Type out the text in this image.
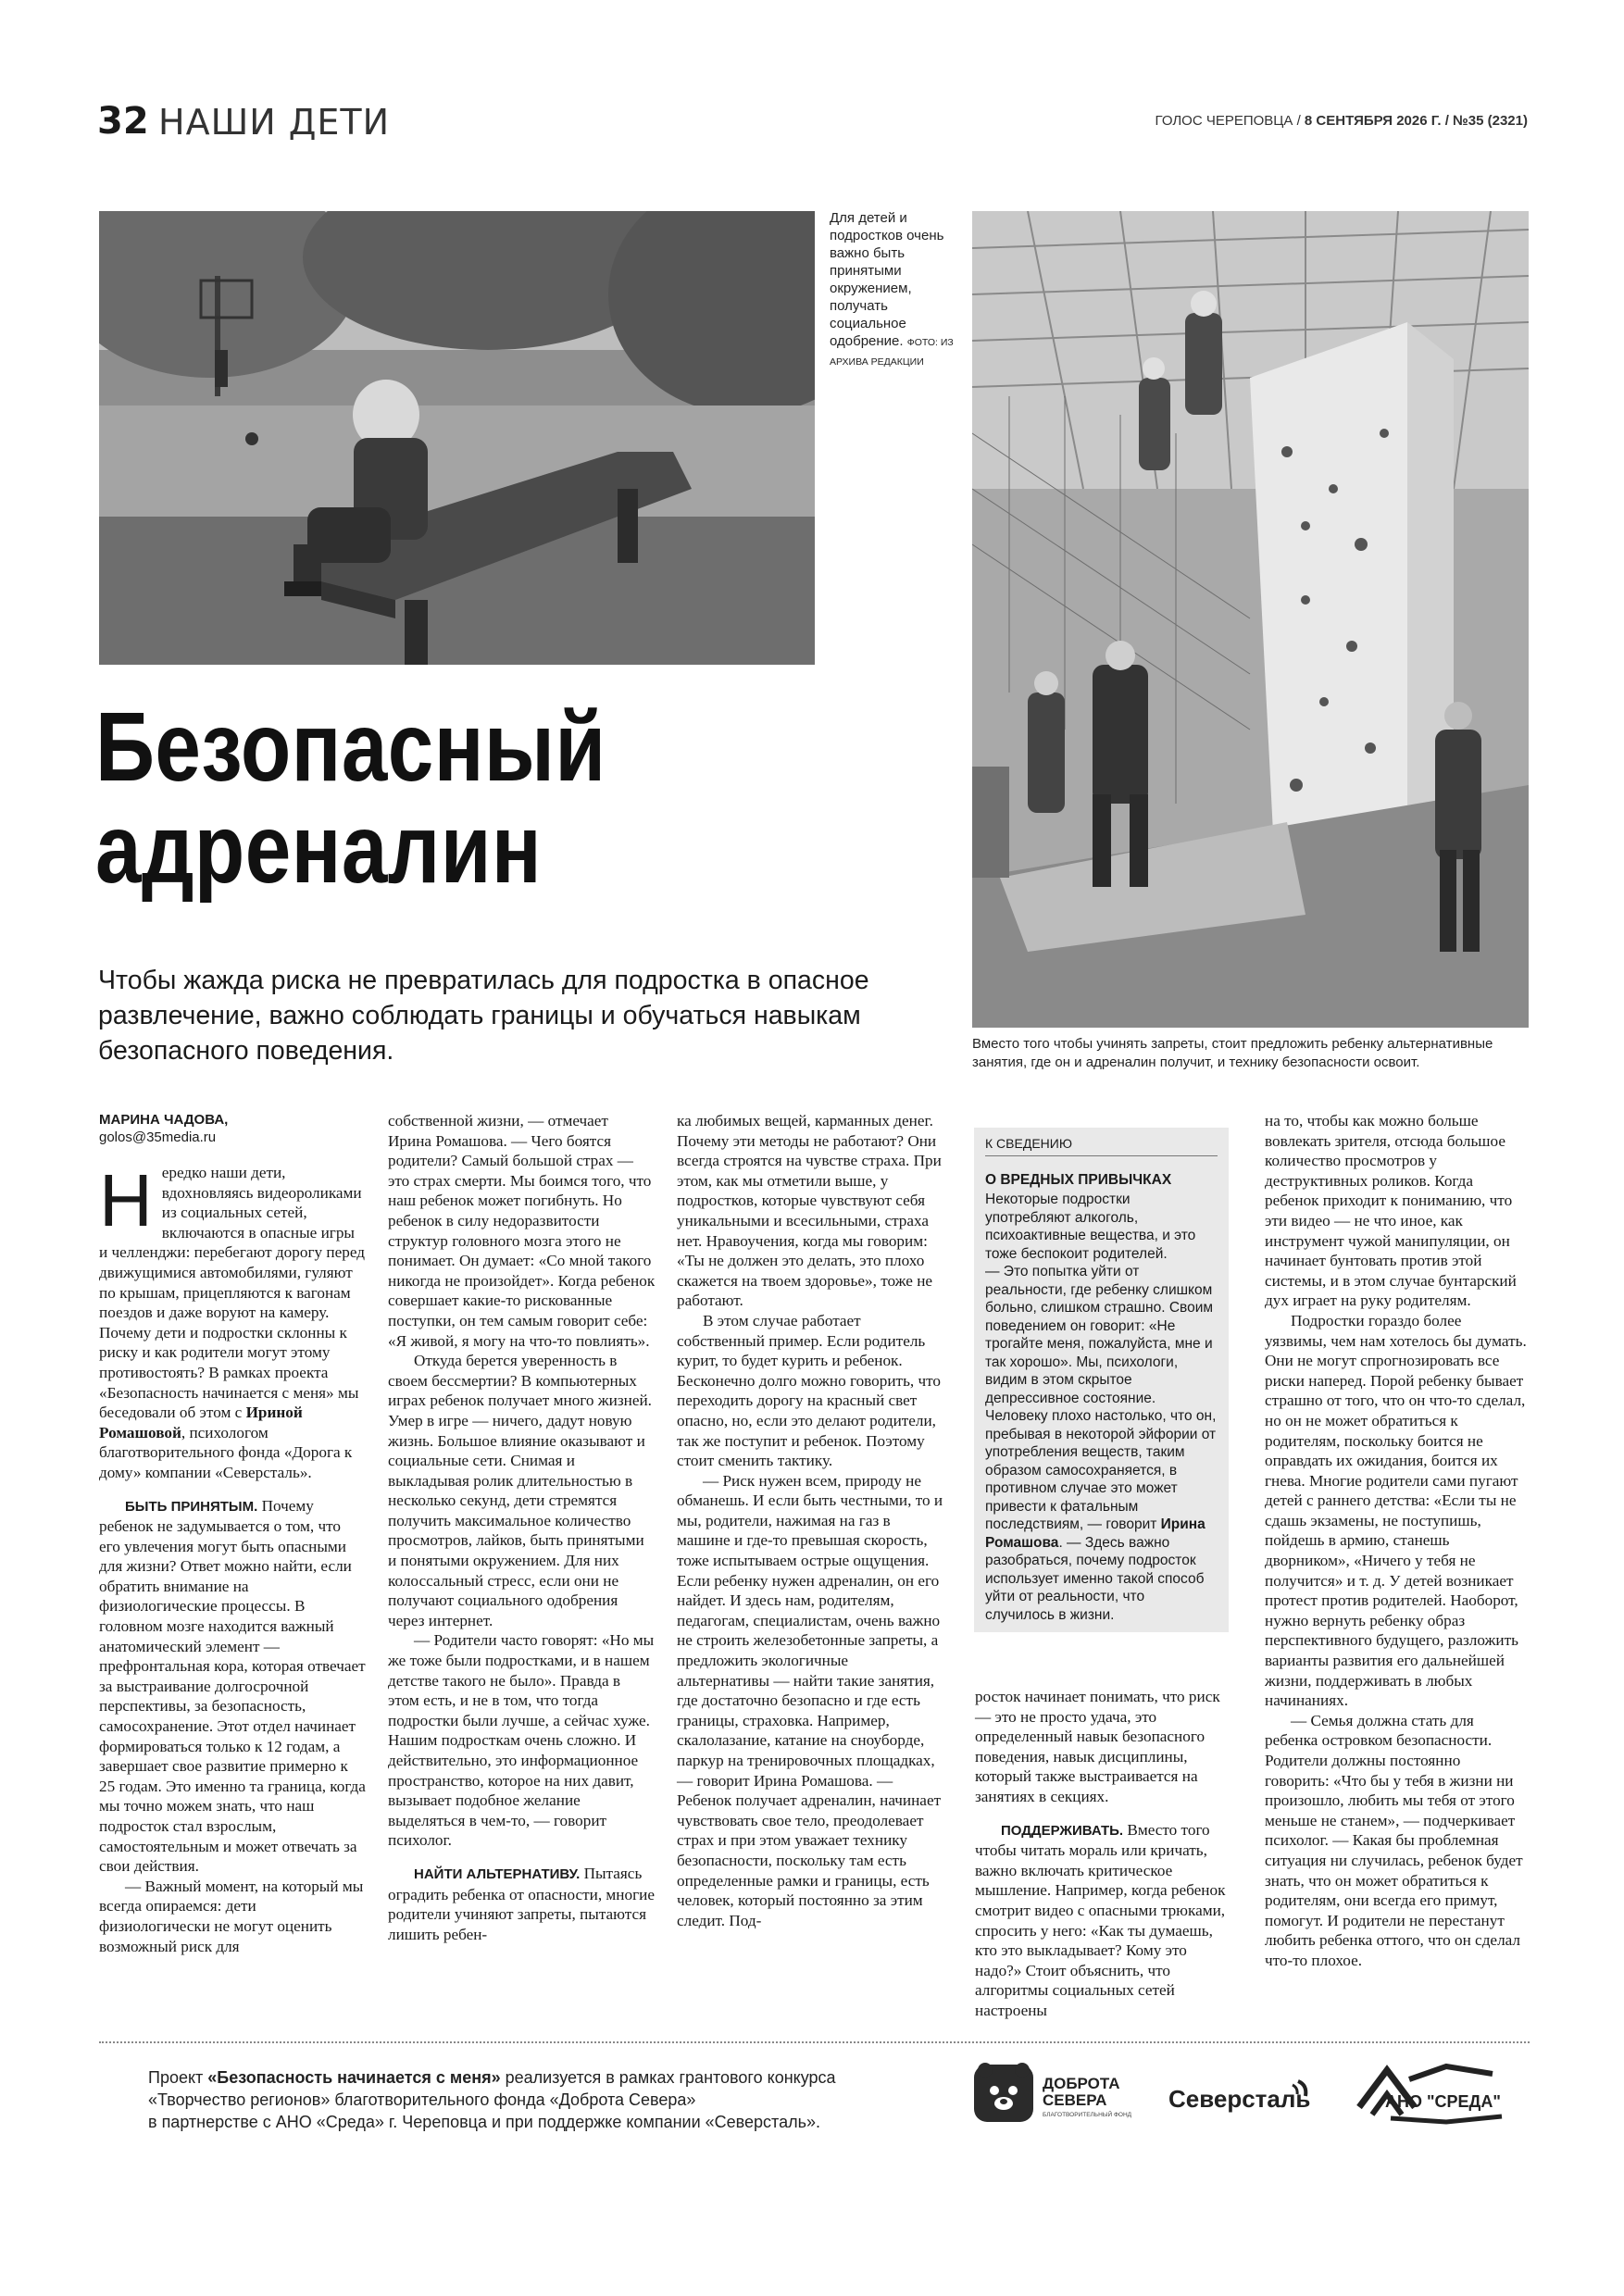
32 НАШИ ДЕТИ	ГОЛОС ЧЕРЕПОВЦА / 8 СЕНТЯБРЯ 2026 Г. / №35 (2321)
Для детей и подростков очень важно быть принятыми окружением, получать социальное одобрение. ФОТО: ИЗ АРХИВА РЕДАКЦИИ
Вместо того чтобы учинять запреты, стоит предложить ребенку альтернативные занятия, где он и адреналин получит, и технику безопасности освоит.
Безопасный
адреналин
Чтобы жажда риска не превратилась для подростка в опасное развлечение, важно соблюдать границы и обучаться навыкам безопасного поведения.
МАРИНА ЧАДОВА,
golos@35media.ru

Нередко наши дети, вдохновляясь видеороликами из социальных сетей, включаются в опасные игры и челленджи: перебегают дорогу перед движущимися автомобилями, гуляют по крышам, прицепляются к вагонам поездов и даже воруют на камеру. Почему дети и подростки склонны к риску и как родители могут этому противостоять? В рамках проекта «Безопасность начинается с меня» мы беседовали об этом с Ириной Ромашовой, психологом благотворительного фонда «Дорога к дому» компании «Северсталь».

БЫТЬ ПРИНЯТЫМ. Почему ребенок не задумывается о том, что его увлечения могут быть опасными для жизни? Ответ можно найти, если обратить внимание на физиологические процессы. В головном мозге находится важный анатомический элемент — префронтальная кора, которая отвечает за выстраивание долгосрочной перспективы, за безопасность, самосохранение. Этот отдел начинает формироваться только к 12 годам, а завершает свое развитие примерно к 25 годам. Это именно та граница, когда мы точно можем знать, что наш подросток стал взрослым, самостоятельным и может отвечать за свои действия.

— Важный момент, на который мы всегда опираемся: дети физиологически не могут оценить возможный риск для

собственной жизни, — отмечает Ирина Ромашова. — Чего боятся родители? Самый большой страх — это страх смерти. Мы боимся того, что наш ребенок может погибнуть. Но ребенок в силу недоразвитости структур головного мозга этого не понимает. Он думает: «Со мной такого никогда не произойдет». Когда ребенок совершает какие-то рискованные поступки, он тем самым говорит себе: «Я живой, я могу на что-то повлиять».

Откуда берется уверенность в своем бессмертии? В компьютерных играх ребенок получает много жизней. Умер в игре — ничего, дадут новую жизнь. Большое влияние оказывают и социальные сети. Снимая и выкладывая ролик длительностью в несколько секунд, дети стремятся получить максимальное количество просмотров, лайков, быть принятыми и понятыми окружением. Для них колоссальный стресс, если они не получают социального одобрения через интернет.

— Родители часто говорят: «Но мы же тоже были подростками, и в нашем детстве такого не было». Правда в этом есть, и не в том, что тогда подростки были лучше, а сейчас хуже. Нашим подросткам очень сложно. И действительно, это информационное пространство, которое на них давит, вызывает подобное желание выделяться в чем-то, — говорит психолог.

НАЙТИ АЛЬТЕРНАТИВУ. Пытаясь оградить ребенка от опасности, многие родители учиняют запреты, пытаются лишить ребен-

ка любимых вещей, карманных денег. Почему эти методы не работают? Они всегда строятся на чувстве страха. При этом, как мы отметили выше, у подростков, которые чувствуют себя уникальными и всесильными, страха нет. Нравоучения, когда мы говорим: «Ты не должен это делать, это плохо скажется на твоем здоровье», тоже не работают.

В этом случае работает собственный пример. Если родитель курит, то будет курить и ребенок. Бесконечно долго можно говорить, что переходить дорогу на красный свет опасно, но, если это делают родители, так же поступит и ребенок. Поэтому стоит сменить тактику.

— Риск нужен всем, природу не обманешь. И если быть честными, то и мы, родители, нажимая на газ в машине и где-то превышая скорость, тоже испытываем острые ощущения. Если ребенку нужен адреналин, он его найдет. И здесь нам, родителям, педагогам, специалистам, очень важно не строить железобетонные запреты, а предложить экологичные альтернативы — найти такие занятия, где достаточно безопасно и где есть границы, страховка. Например, скалолазание, катание на сноуборде, паркур на тренировочных площадках, — говорит Ирина Ромашова. — Ребенок получает адреналин, начинает чувствовать свое тело, преодолевает страх и при этом уважает технику безопасности, поскольку там есть определенные рамки и границы, есть человек, который постоянно за этим следит. Под-

К СВЕДЕНИЮ
О ВРЕДНЫХ ПРИВЫЧКАХ
Некоторые подростки употребляют алкоголь, психоактивные вещества, и это тоже беспокоит родителей.
— Это попытка уйти от реальности, где ребенку слишком больно, слишком страшно. Своим поведением он говорит: «Не трогайте меня, пожалуйста, мне и так хорошо». Мы, психологи, видим в этом скрытое депрессивное состояние. Человеку плохо настолько, что он, пребывая в некоторой эйфории от употребления веществ, таким образом самосохраняется, в противном случае это может привести к фатальным последствиям, — говорит Ирина Ромашова. — Здесь важно разобраться, почему подросток использует именно такой способ уйти от реальности, что случилось в жизни.

росток начинает понимать, что риск — это не просто удача, это определенный навык безопасного поведения, навык дисциплины, который также выстраивается на занятиях в секциях.

ПОДДЕРЖИВАТЬ. Вместо того чтобы читать мораль или кричать, важно включать критическое мышление. Например, когда ребенок смотрит видео с опасными трюками, спросить у него: «Как ты думаешь, кто это выкладывает? Кому это надо?» Стоит объяснить, что алгоритмы социальных сетей настроены

на то, чтобы как можно больше вовлекать зрителя, отсюда большое количество просмотров у деструктивных роликов. Когда ребенок приходит к пониманию, что эти видео — не что иное, как инструмент чужой манипуляции, он начинает бунтовать против этой системы, и в этом случае бунтарский дух играет на руку родителям.

Подростки гораздо более уязвимы, чем нам хотелось бы думать. Они не могут спрогнозировать все риски наперед. Порой ребенку бывает страшно от того, что он что-то сделал, но он не может обратиться к родителям, поскольку боится не оправдать их ожидания, боится их гнева. Многие родители сами пугают детей с раннего детства: «Если ты не сдашь экзамены, не поступишь, пойдешь в армию, станешь дворником», «Ничего у тебя не получится» и т. д. У детей возникает протест против родителей. Наоборот, нужно вернуть ребенку образ перспективного будущего, разложить варианты развития его дальнейшей жизни, поддерживать в любых начинаниях.

— Семья должна стать для ребенка островком безопасности. Родители должны постоянно говорить: «Что бы у тебя в жизни ни произошло, любить мы тебя от этого меньше не станем», — подчеркивает психолог. — Какая бы проблемная ситуация ни случилась, ребенок будет знать, что он может обратиться к родителям, они всегда его примут, помогут. И родители не перестанут любить ребенка оттого, что он сделал что-то плохое.

Проект «Безопасность начинается с меня» реализуется в рамках грантового конкурса
«Творчество регионов» благотворительного фонда «Доброта Севера»
в партнерстве с АНО «Среда» г. Череповца и при поддержке компании «Северсталь».
ДОБРОТА
СЕВЕРА
БЛАГОТВОРИТЕЛЬНЫЙ ФОНД
Северсталь	АНО "СРЕДА"
